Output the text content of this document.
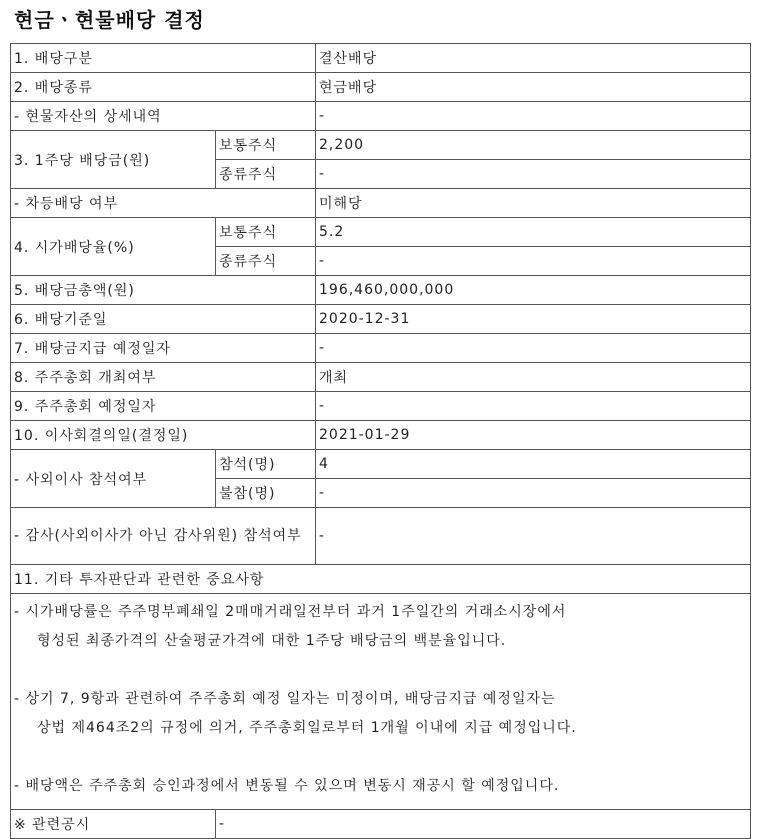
현금ㆍ현물배당 결정
1. 배당구분		결산배당
2. 배당종류		현금배당
- 현물자산의 상세내역		-
3. 1주당 배당금(원)	보통주식	2,200
	종류주식	-
- 차등배당 여부		미해당
4. 시가배당율(%)	보통주식	5.2
	종류주식	-
5. 배당금총액(원)		196,460,000,000
6. 배당기준일		2020-12-31
7. 배당금지급 예정일자		-
8. 주주총회 개최여부		개최
9. 주주총회 예정일자		-
10. 이사회결의일(결정일)		2021-01-29
- 사외이사 참석여부	참석(명)	4
	불참(명)	-
- 감사(사외이사가 아닌 감사위원) 참석여부		-
11. 기타 투자판단과 관련한 중요사항		

- 시가배당률은 주주명부폐쇄일 2매매거래일전부터 과거 1주일간의 거래소시장에서
형성된 최종가격의 산술평균가격에 대한 1주당 배당금의 백분율입니다.
- 상기 7, 9항과 관련하여 주주총회 예정 일자는 미정이며, 배당금지급 예정일자는
상법 제464조2의 규정에 의거, 주주총회일로부터 1개월 이내에 지급 예정입니다.
- 배당액은 주주총회 승인과정에서 변동될 수 있으며 변동시 재공시 할 예정입니다.		

※ 관련공시	-	
